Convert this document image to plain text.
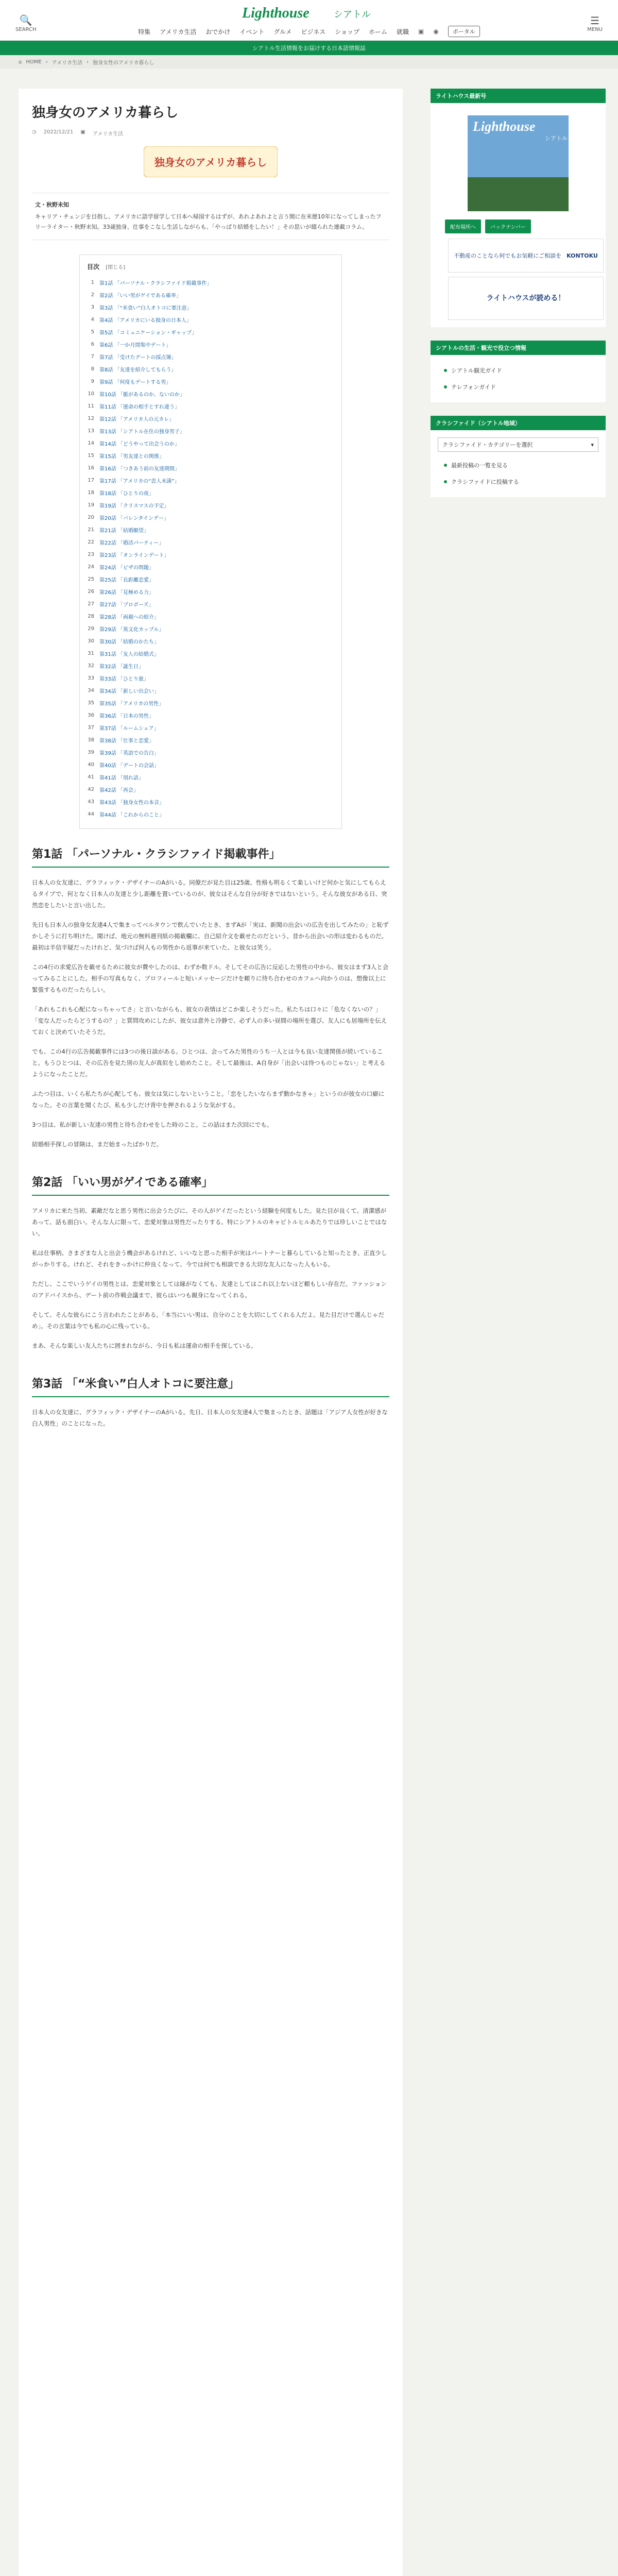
🔍
SEARCH
Lighthouse	シアトル	☰
MENU
特集 アメリカ生活 おでかけ イベント グルメ ビジネス ショップ ホーム 就職 ▣ ◉	ポータル
シアトル生活情報をお届けする日本語情報誌
⌂ HOME › アメリカ生活 › 独身女性のアメリカ暮らし
独身女のアメリカ暮らし
◷ 2022/12/21 ▣ アメリカ生活
独身女のアメリカ暮らし
文・秋野未知
キャリア・チェンジを目指し、アメリカに語学留学して日本へ帰国するはずが、あれよあれよと言う間に在米歴10年になってしまったフリーライター・秋野未知。33歳独身、仕事をこなし生活しながらも、「やっぱり結婚をしたい！」その思いが綴られた連載コラム。
目次 [閉じる]
1 第1話 「パーソナル・クラシファイド掲載事件」
2 第2話 「いい男がゲイである確率」
3 第3話 「“米食い”白人オトコに要注意」
4 第4話 「アメリカにいる独身の日本人」
5 第5話 「コミュニケーション・ギャップ」
6 第6話 「一か月間集中デート」
7 第7話 「受けたデートの採点簿」
8 第8話 「友達を紹介してもらう」
9 第9話 「何度もデートする男」
10 第10話 「脈があるのか、ないのか」
11 第11話 「運命の相手とすれ違う」
12 第12話 「アメリカ人の元カレ」
13 第13話 「シアトル在住の独身男子」
14 第14話 「どうやって出会うのか」
15 第15話 「男友達との関係」
16 第16話 「つきあう前の友達期間」
17 第17話 「アメリカの“恋人未満”」
18 第18話 「ひとりの夜」
19 第19話 「クリスマスの予定」
20 第20話 「バレンタインデー」
21 第21話 「結婚願望」
22 第22話 「婚活パーティー」
23 第23話 「オンラインデート」
24 第24話 「ビザの問題」
25 第25話 「長距離恋愛」
26 第26話 「見極める力」
27 第27話 「プロポーズ」
28 第28話 「両親への紹介」
29 第29話 「異文化カップル」
30 第30話 「結婚のかたち」
31 第31話 「友人の結婚式」
32 第32話 「誕生日」
33 第33話 「ひとり旅」
34 第34話 「新しい出会い」
35 第35話 「アメリカの男性」
36 第36話 「日本の男性」
37 第37話 「ルームシェア」
38 第38話 「仕事と恋愛」
39 第39話 「英語での告白」
40 第40話 「デートの会話」
41 第41話 「別れ話」
42 第42話 「再会」
43 第43話 「独身女性の本音」
44 第44話 「これからのこと」
第1話 「パーソナル・クラシファイド掲載事件」

日本人の女友達に、グラフィック・デザイナーのAがいる。同僚だが見た目は25歳、性格も明るくて楽しいけど何かと気にしてもらえるタイプで、何となく日本人の友達と少し距離を置いているのが、彼女はそんな自分が好きではないという。そんな彼女がある日、突然恋をしたいと言い出した。

先日も日本人の独身女友達4人で集まってベルタウンで飲んでいたとき、まずAが「実は、新聞の出会いの広告を出してみたの」と恥ずかしそうに打ち明けた。聞けば、地元の無料週刊紙の掲載欄に、自己紹介文を載せたのだという。昔から出会いの形は変わるものだ。最初は半信半疑だったけれど、気づけば何人もの男性から返事が来ていた、と彼女は笑う。

この4行の求愛広告を載せるために彼女が費やしたのは、わずか数ドル。そしてその広告に反応した男性の中から、彼女はまず3人と会ってみることにした。相手の写真もなく、プロフィールと短いメッセージだけを頼りに待ち合わせのカフェへ向かうのは、想像以上に緊張するものだったらしい。

「あれもこれも心配になっちゃってさ」と言いながらも、彼女の表情はどこか楽しそうだった。私たちは口々に「危なくないの？」「変な人だったらどうするの？」と質問攻めにしたが、彼女は意外と冷静で、必ず人の多い昼間の場所を選び、友人にも居場所を伝えておくと決めていたそうだ。

でも、この4行の広告掲載事件には3つの後日談がある。ひとつは、会ってみた男性のうち一人とは今も良い友達関係が続いていること。もうひとつは、その広告を見た別の友人が真似をし始めたこと。そして最後は、A自身が「出会いは待つものじゃない」と考えるようになったことだ。

ふたつ目は、いくら私たちが心配しても、彼女は気にしないということ。「恋をしたいならまず動かなきゃ」というのが彼女の口癖になった。その言葉を聞くたび、私も少しだけ背中を押されるような気がする。

3つ目は、私が新しい友達の男性と待ち合わせをした時のこと。この話はまた次回にでも。

結婚相手探しの冒険は、まだ始まったばかりだ。

第2話 「いい男がゲイである確率」

アメリカに来た当初、素敵だなと思う男性に出会うたびに、その人がゲイだったという経験を何度もした。見た目が良くて、清潔感があって、話も面白い。そんな人に限って、恋愛対象は男性だったりする。特にシアトルのキャピトルヒルあたりでは珍しいことではない。

私は仕事柄、さまざまな人と出会う機会があるけれど、いいなと思った相手が実はパートナーと暮らしていると知ったとき、正直少しがっかりする。けれど、それをきっかけに仲良くなって、今では何でも相談できる大切な友人になった人もいる。

ただし、ここでいうゲイの男性とは、恋愛対象としては縁がなくても、友達としてはこれ以上ないほど頼もしい存在だ。ファッションのアドバイスから、デート前の作戦会議まで、彼らはいつも親身になってくれる。

そして、そんな彼らにこう言われたことがある。「本当にいい男は、自分のことを大切にしてくれる人だよ。見た目だけで選んじゃだめ」。その言葉は今でも私の心に残っている。

まあ、そんな楽しい友人たちに囲まれながら、今日も私は運命の相手を探している。

第3話 「“米食い”白人オトコに要注意」

日本人の女友達に、グラフィック・デザイナーのAがいる。先日、日本人の女友達4人で集まったとき、話題は「アジア人女性が好きな白人男性」のことになった。

ライトハウス最新号
Lighthouse
シアトル
配布場所へ	バックナンバー
不動産のことなら何でもお気軽にご相談を KONTOKU
ライトハウスが読める！
シアトルの生活・観光で役立つ情報
シアトル観光ガイド
テレフォンガイド
クラシファイド（シアトル地域）
クラシファイド・カテゴリーを選択	▾
最新投稿の一覧を見る
クラシファイドに投稿する
